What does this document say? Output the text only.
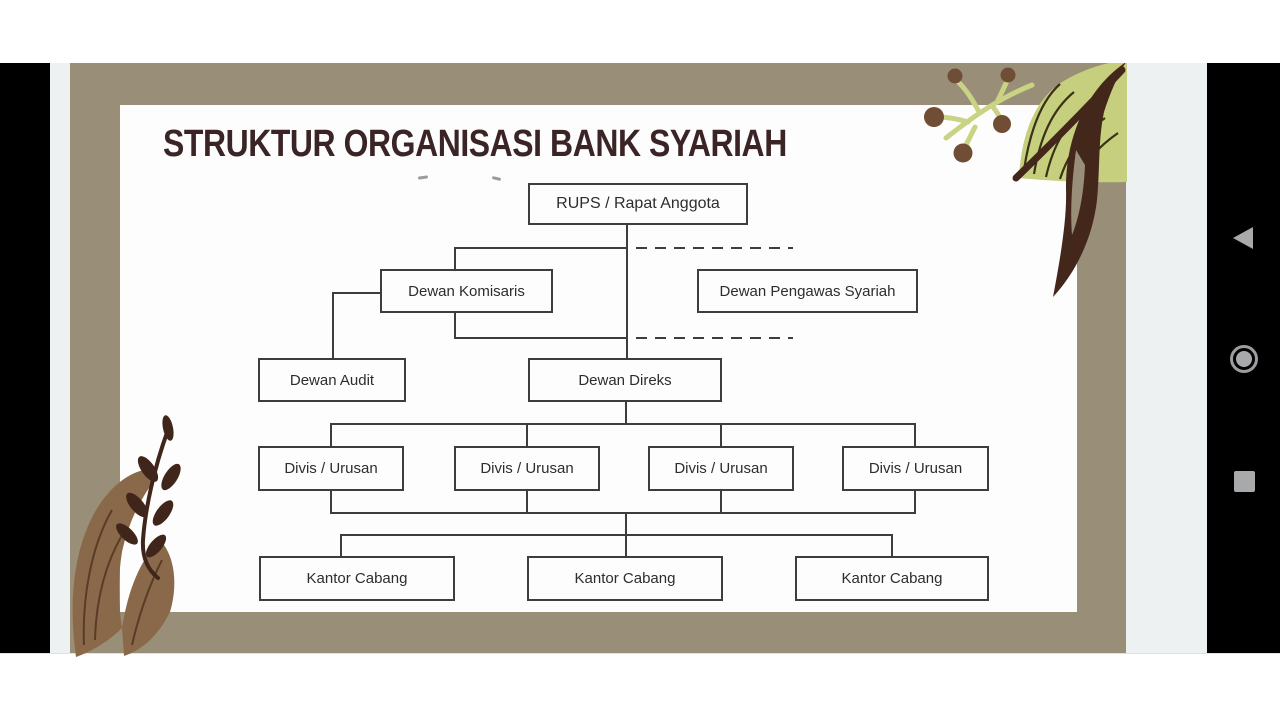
STRUKTUR ORGANISASI BANK SYARIAH
RUPS / Rapat Anggota
Dewan Komisaris	Dewan Pengawas Syariah
Dewan Audit	Dewan Direks
Divis / Urusan	Divis / Urusan	Divis / Urusan	Divis / Urusan
Kantor Cabang	Kantor Cabang	Kantor Cabang
